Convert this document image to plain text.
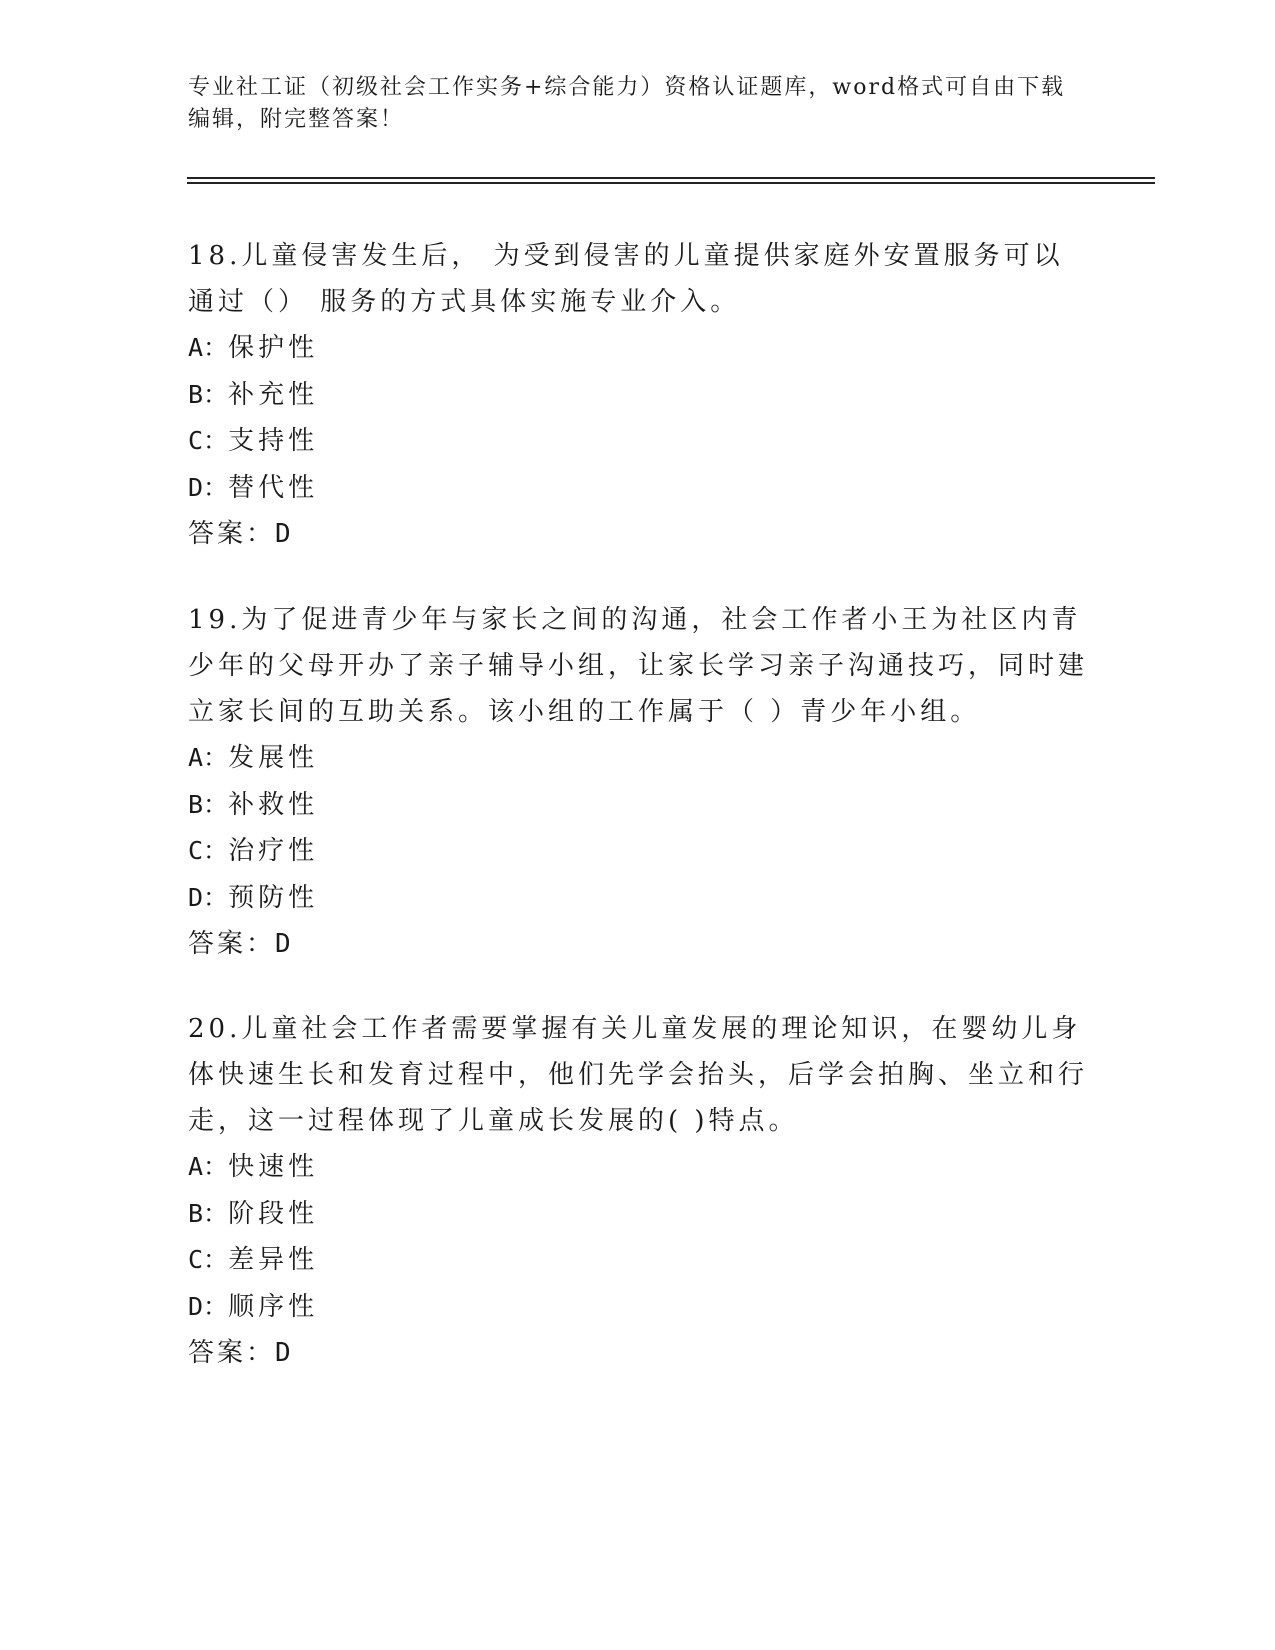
专业社工证（初级社会工作实务+综合能力）资格认证题库，word格式可自由下载编辑，附完整答案！

18.儿童侵害发生后， 为受到侵害的儿童提供家庭外安置服务可以通过（） 服务的方式具体实施专业介入。

A：保护性
B：补充性
C：支持性
D：替代性
答案：D

19.为了促进青少年与家长之间的沟通，社会工作者小王为社区内青少年的父母开办了亲子辅导小组，让家长学习亲子沟通技巧，同时建立家长间的互助关系。该小组的工作属于（ ）青少年小组。

A：发展性
B：补救性
C：治疗性
D：预防性
答案：D

20.儿童社会工作者需要掌握有关儿童发展的理论知识，在婴幼儿身体快速生长和发育过程中，他们先学会抬头，后学会拍胸、坐立和行走，这一过程体现了儿童成长发展的( )特点。

A：快速性
B：阶段性
C：差异性
D：顺序性
答案：D
